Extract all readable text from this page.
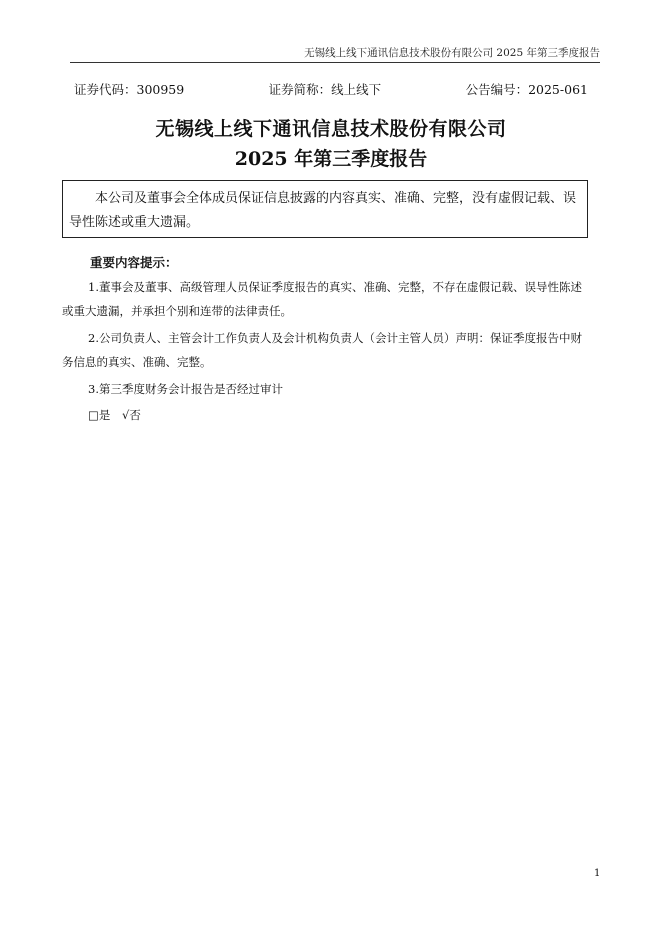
无锡线上线下通讯信息技术股份有限公司 2025 年第三季度报告
证券代码：300959	证券简称：线上线下	公告编号：2025-061
无锡线上线下通讯信息技术股份有限公司
2025 年第三季度报告
本公司及董事会全体成员保证信息披露的内容真实、准确、完整，没有虚假记载、误导性陈述或重大遗漏。
重要内容提示：
1.董事会及董事、高级管理人员保证季度报告的真实、准确、完整，不存在虚假记载、误导性陈述或重大遗漏，并承担个别和连带的法律责任。
2.公司负责人、主管会计工作负责人及会计机构负责人（会计主管人员）声明：保证季度报告中财务信息的真实、准确、完整。
3.第三季度财务会计报告是否经过审计
□是 √否
1
